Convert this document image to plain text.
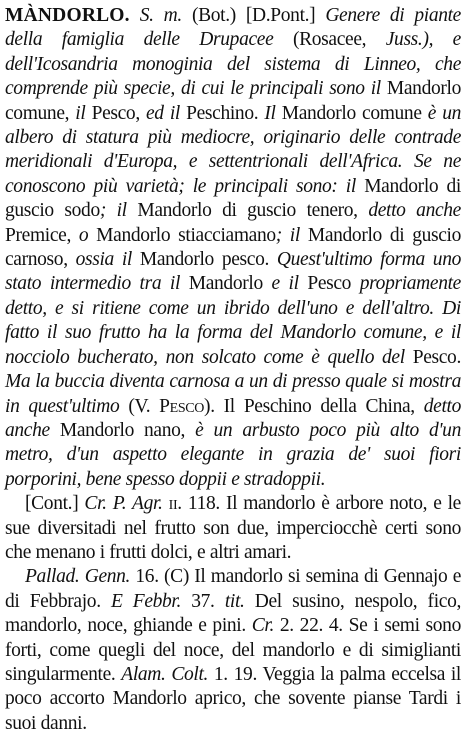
MÀNDORLO. S. m. (Bot.) [D.Pont.] Genere di piante della famiglia delle Drupacee (Rosacee, Juss.), e dell'Icosandria monoginia del sistema di Linneo, che comprende più specie, di cui le principali sono il Mandorlo comune, il Pesco, ed il Peschino. Il Mandorlo comune è un albero di statura più mediocre, originario delle contrade meridionali d'Europa, e settentrionali dell'Africa. Se ne conoscono più varietà; le principali sono: il Mandorlo di guscio sodo; il Mandorlo di guscio tenero, detto anche Premice, o Mandorlo stiacciamano; il Mandorlo di guscio carnoso, ossia il Mandorlo pesco. Quest'ultimo forma uno stato intermedio tra il Mandorlo e il Pesco propriamente detto, e si ritiene come un ibrido dell'uno e dell'altro. Di fatto il suo frutto ha la forma del Mandorlo comune, e il nocciolo bucherato, non solcato come è quello del Pesco. Ma la buccia diventa carnosa a un di presso quale si mostra in quest'ultimo (V. Pesco). Il Peschino della China, detto anche Mandorlo nano, è un arbusto poco più alto d'un metro, d'un aspetto elegante in grazia de' suoi fiori porporini, bene spesso doppii e stradoppii.

[Cont.] Cr. P. Agr. ii. 118. Il mandorlo è arbore noto, e le sue diversitadi nel frutto son due, imperciocchè certi sono che menano i frutti dolci, e altri amari.

Pallad. Genn. 16. (C) Il mandorlo si semina di Gennajo e di Febbrajo. E Febbr. 37. tit. Del susino, nespolo, fico, mandorlo, noce, ghiande e pini. Cr. 2. 22. 4. Se i semi sono forti, come quegli del noce, del mandorlo e di simiglianti singularmente. Alam. Colt. 1. 19. Veggia la palma eccelsa il poco accorto Mandorlo aprico, che sovente pianse Tardi i suoi danni.
